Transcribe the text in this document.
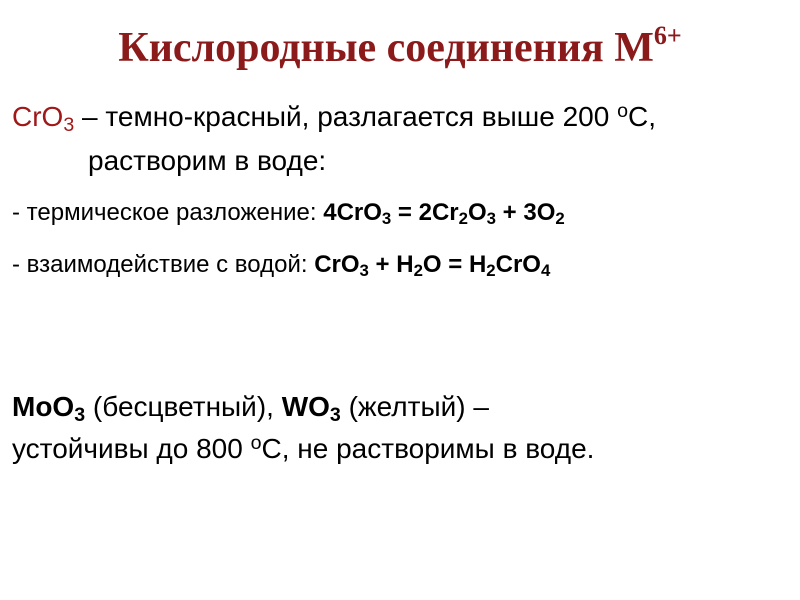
Кислородные соединения $М^{6+}$
CrO$_3$ – темно-красный, разлагается выше 200 $^o$С,
растворим в воде:
- термическое разложение: $4CrO_3 = 2Cr_2O_3 + 3O_2$
- взаимодействие с водой: $CrO_3 + H_2O = H_2CrO_4$
MoO$_3$ (бесцветный), $WO_3$ (желтый) –
устойчивы до 800 $^o$С, не растворимы в воде.
